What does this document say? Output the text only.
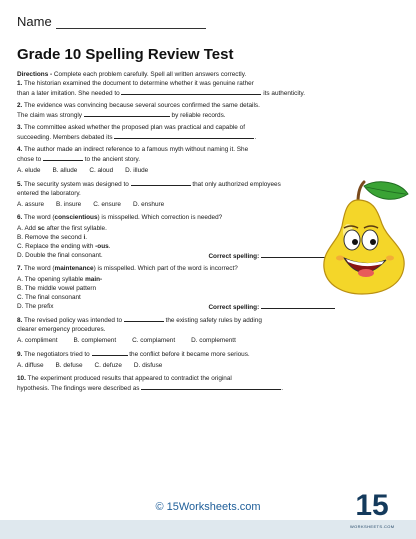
Name
Grade 10 Spelling Review Test

Directions - Complete each problem carefully. Spell all written answers correctly.

1. The historian examined the document to determine whether it was genuine rather

than a later imitation. She needed to	its authenticity.

2. The evidence was convincing because several sources confirmed the same details.

The claim was strongly	by reliable records.

3. The committee asked whether the proposed plan was practical and capable of

succeeding. Members debated its	.

4. The author made an indirect reference to a famous myth without naming it. She

chose to	to the ancient story.

A. elude B. allude C. aloud D. illude

5. The security system was designed to	that only authorized employees

entered the laboratory.

A. assure B. insure C. ensure D. enshure

6. The word (conscientious) is misspelled. Which correction is needed?

A. Add sc after the first syllable.

B. Remove the second i.

C. Replace the ending with -ous.

D. Double the final consonant.	Correct spelling:

7. The word (maintenance) is misspelled. Which part of the word is incorrect?

A. The opening syllable main-

B. The middle vowel pattern

C. The final consonant

D. The prefix	Correct spelling:

8. The revised policy was intended to	the existing safety rules by adding

clearer emergency procedures.

A. compliment	B. complement	C. complament	D. complementt

9. The negotiators tried to	the conflict before it became more serious.

A. diffuse B. defuse C. defuze D. disfuse

10. The experiment produced results that appeared to contradict the original

hypothesis. The findings were described as	.

© 15Worksheets.com	15
WORKSHEETS.COM
